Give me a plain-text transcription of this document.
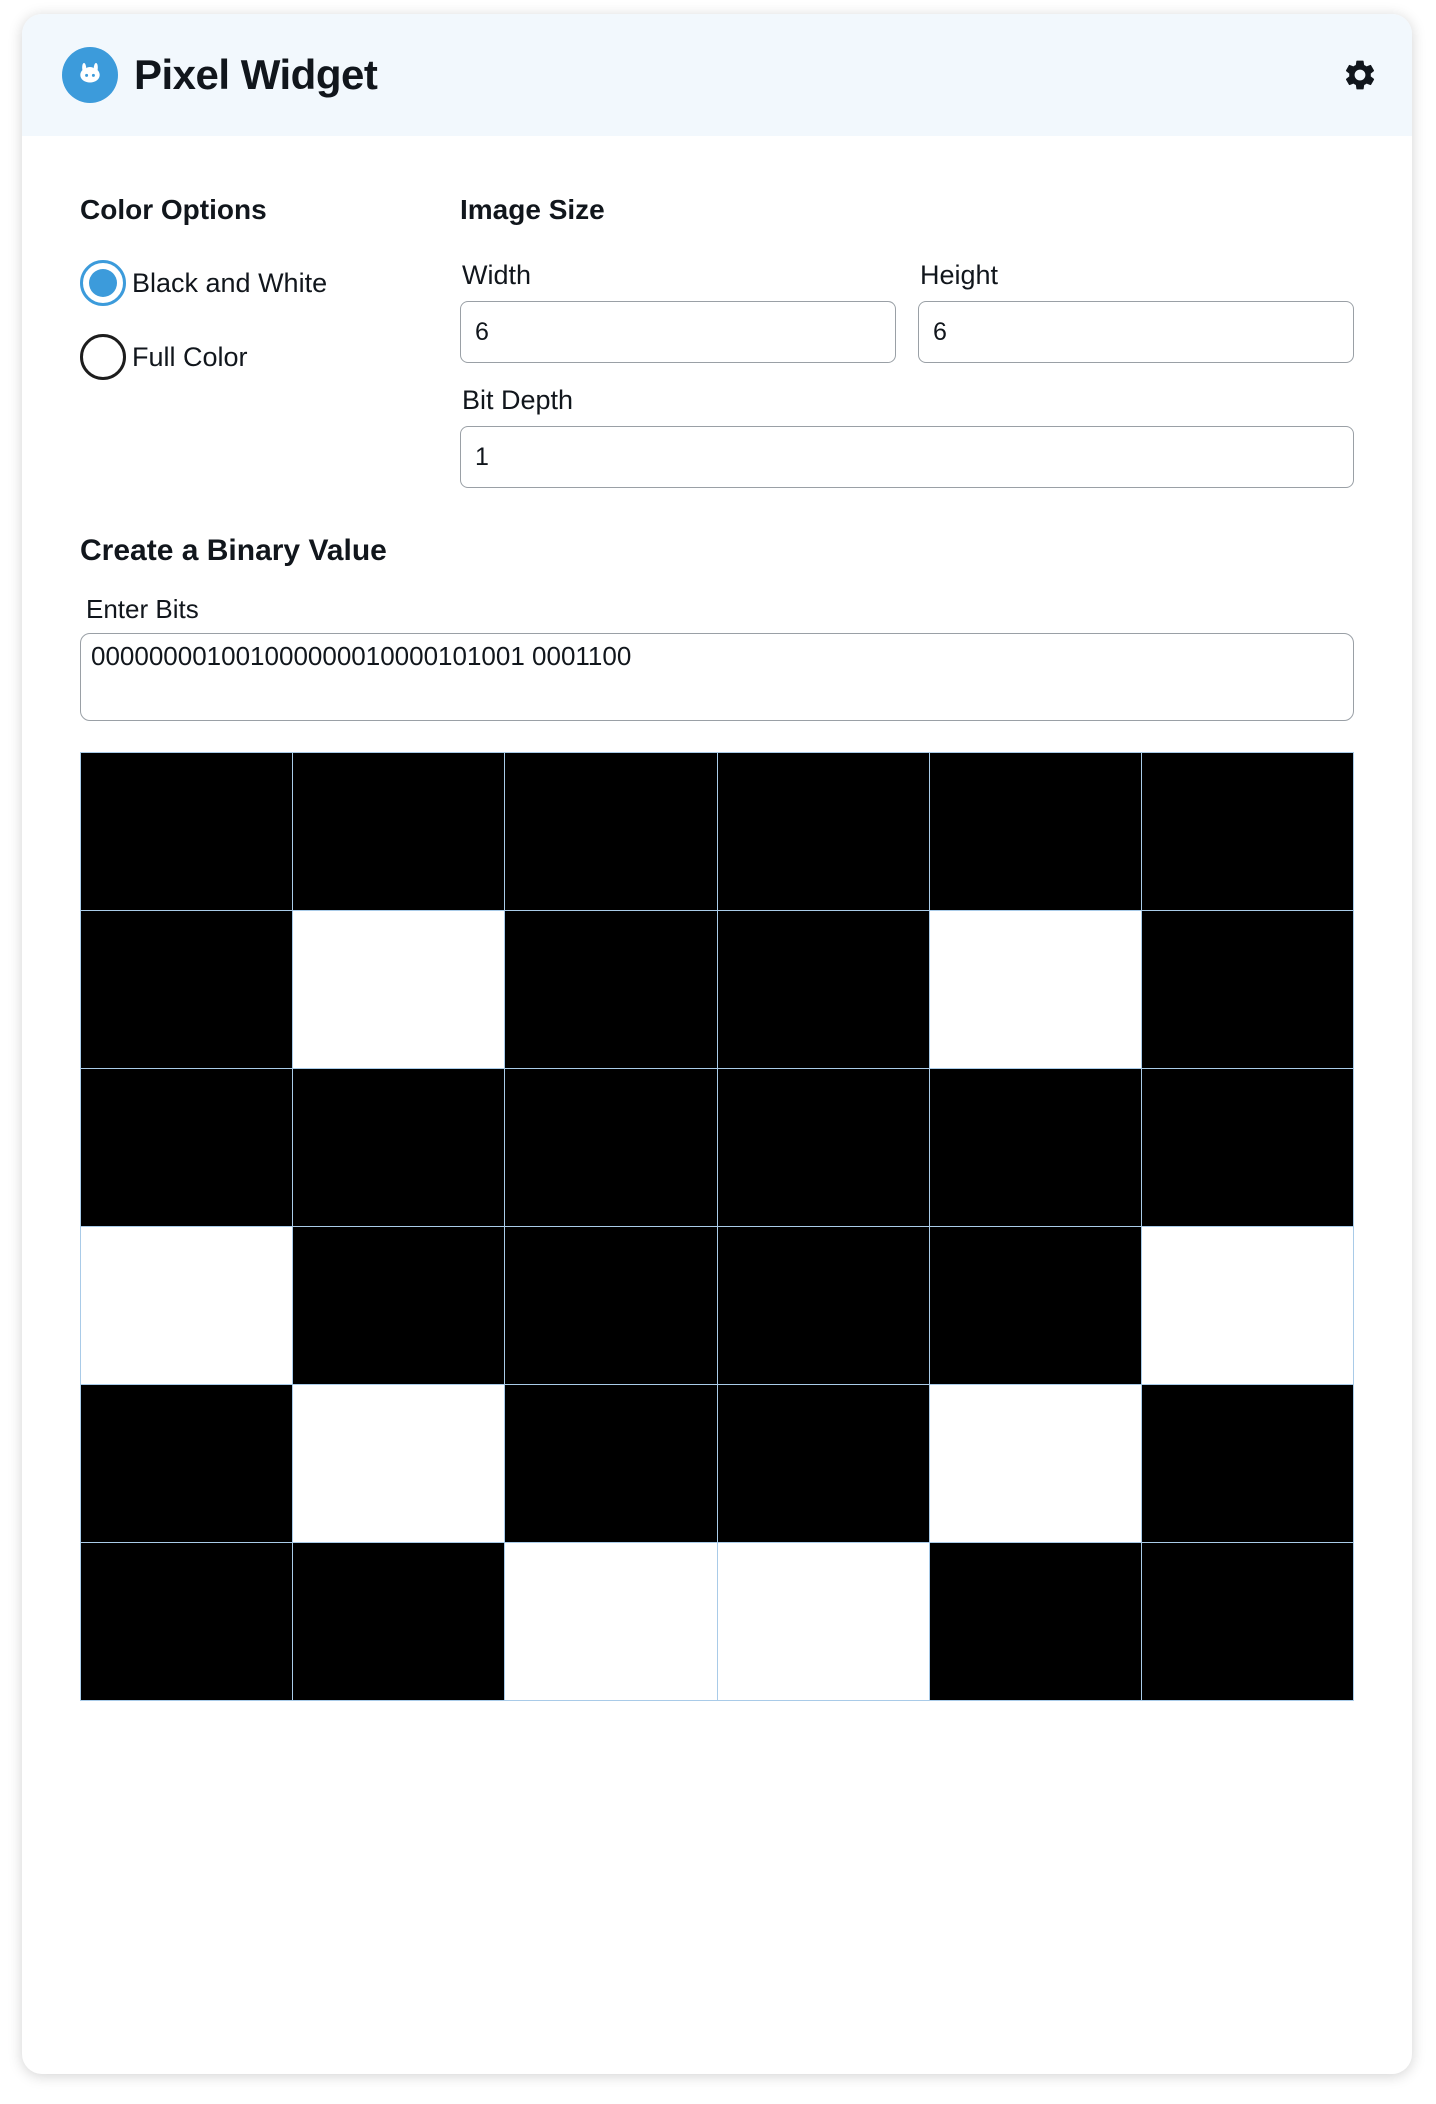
Pixel Widget
Color Options
Black and White
Full Color
Image Size
Width
6	Height
6
Bit Depth
1
Create a Binary Value
Enter Bits
000000001001000000010000101001 0001100
